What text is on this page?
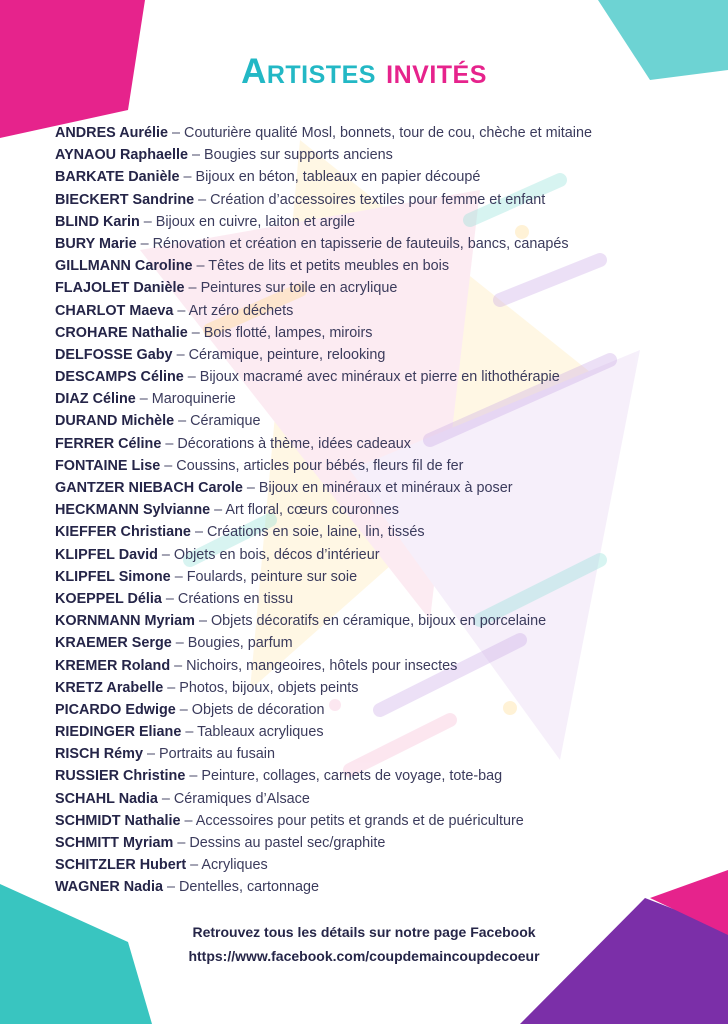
Artistes invités
ANDRES Aurélie – Couturière qualité Mosl, bonnets, tour de cou, chèche et mitaine
AYNAOU Raphaelle – Bougies sur supports anciens
BARKATE Danièle – Bijoux en béton, tableaux en papier découpé
BIECKERT Sandrine – Création d’accessoires textiles pour femme et enfant
BLIND Karin – Bijoux en cuivre, laiton et argile
BURY Marie – Rénovation et création en tapisserie de fauteuils, bancs, canapés
GILLMANN Caroline – Têtes de lits et petits meubles en bois
FLAJOLET Danièle – Peintures sur toile en acrylique
CHARLOT Maeva – Art zéro déchets
CROHARE Nathalie – Bois flotté, lampes, miroirs
DELFOSSE Gaby – Céramique, peinture, relooking
DESCAMPS Céline – Bijoux macramé avec minéraux et pierre en lithothérapie
DIAZ Céline – Maroquinerie
DURAND Michèle – Céramique
FERRER Céline – Décorations à thème, idées cadeaux
FONTAINE Lise – Coussins, articles pour bébés, fleurs fil de fer
GANTZER NIEBACH Carole – Bijoux en minéraux et minéraux à poser
HECKMANN Sylvianne – Art floral, cœurs couronnes
KIEFFER Christiane – Créations en soie, laine, lin, tissés
KLIPFEL David – Objets en bois, décos d’intérieur
KLIPFEL Simone – Foulards, peinture sur soie
KOEPPEL Délia – Créations en tissu
KORNMANN Myriam – Objets décoratifs en céramique, bijoux en porcelaine
KRAEMER Serge – Bougies, parfum
KREMER Roland – Nichoirs, mangeoires, hôtels pour insectes
KRETZ Arabelle – Photos, bijoux, objets peints
PICARDO Edwige – Objets de décoration
RIEDINGER Eliane – Tableaux acryliques
RISCH Rémy – Portraits au fusain
RUSSIER Christine – Peinture, collages, carnets de voyage, tote-bag
SCHAHL Nadia – Céramiques d’Alsace
SCHMIDT Nathalie – Accessoires pour petits et grands et de puériculture
SCHMITT Myriam – Dessins au pastel sec/graphite
SCHITZLER Hubert – Acryliques
WAGNER Nadia – Dentelles, cartonnage
Retrouvez tous les détails sur notre page Facebook
https://www.facebook.com/coupdemaincoupdecoeur
